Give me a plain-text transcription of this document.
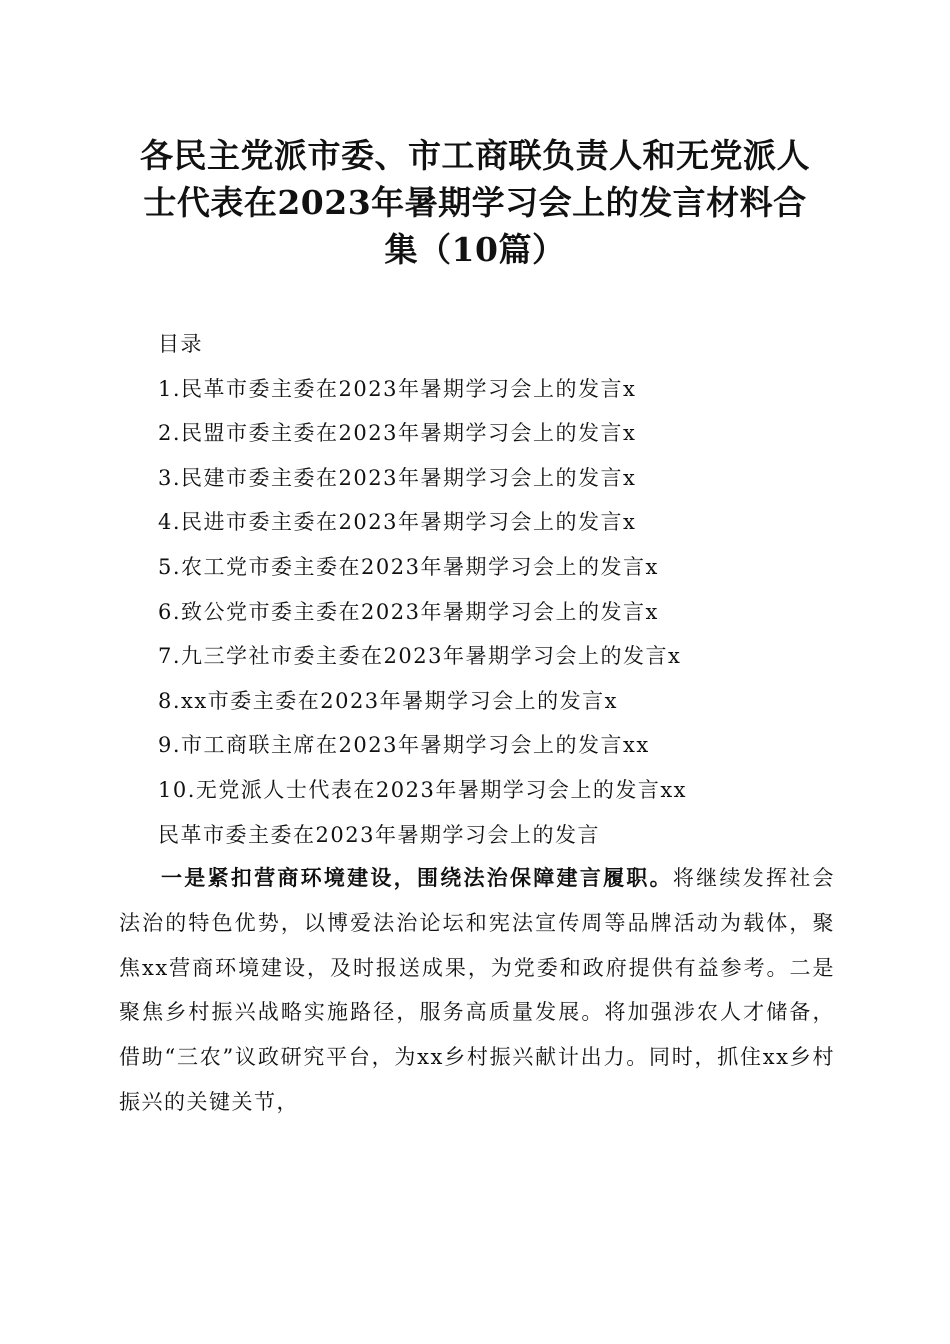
各民主党派市委、市工商联负责人和无党派人
士代表在2023年暑期学习会上的发言材料合
集（10篇）
目录
1.民革市委主委在2023年暑期学习会上的发言x
2.民盟市委主委在2023年暑期学习会上的发言x
3.民建市委主委在2023年暑期学习会上的发言x
4.民进市委主委在2023年暑期学习会上的发言x
5.农工党市委主委在2023年暑期学习会上的发言x
6.致公党市委主委在2023年暑期学习会上的发言x
7.九三学社市委主委在2023年暑期学习会上的发言x
8.xx市委主委在2023年暑期学习会上的发言x
9.市工商联主席在2023年暑期学习会上的发言xx
10.无党派人士代表在2023年暑期学习会上的发言xx
民革市委主委在2023年暑期学习会上的发言

一是紧扣营商环境建设，围绕法治保障建言履职。将继续发挥社会法治的特色优势，以博爱法治论坛和宪法宣传周等品牌活动为载体，聚焦xx营商环境建设，及时报送成果，为党委和政府提供有益参考。二是聚焦乡村振兴战略实施路径，服务高质量发展。将加强涉农人才储备，借助“三农”议政研究平台，为xx乡村振兴献计出力。同时，抓住xx乡村振兴的关键关节，
